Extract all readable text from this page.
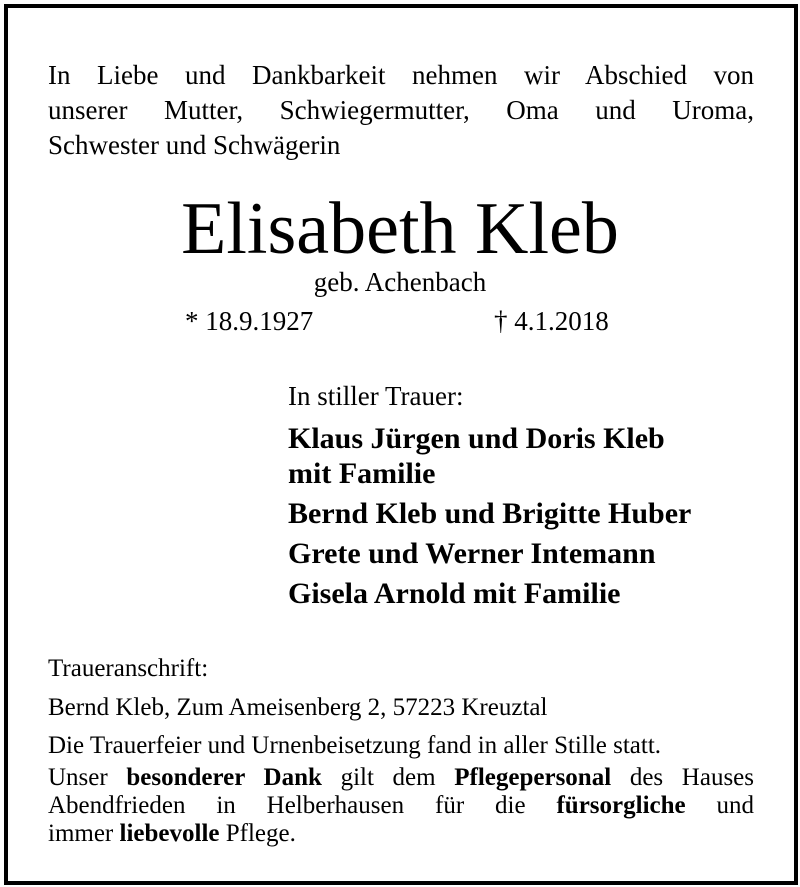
In Liebe und Dankbarkeit nehmen wir Abschied von
unserer Mutter, Schwiegermutter, Oma und Uroma,
Schwester und Schwägerin
Elisabeth Kleb
geb. Achenbach
* 18.9.1927	† 4.1.2018
In stiller Trauer:
Klaus Jürgen und Doris Kleb
mit Familie
Bernd Kleb und Brigitte Huber
Grete und Werner Intemann
Gisela Arnold mit Familie
Traueranschrift:
Bernd Kleb, Zum Ameisenberg 2, 57223 Kreuztal
Die Trauerfeier und Urnenbeisetzung fand in aller Stille statt.
Unser besonderer Dank gilt dem Pflegepersonal des Hauses
Abendfrieden in Helberhausen für die fürsorgliche und
immer liebevolle Pflege.
